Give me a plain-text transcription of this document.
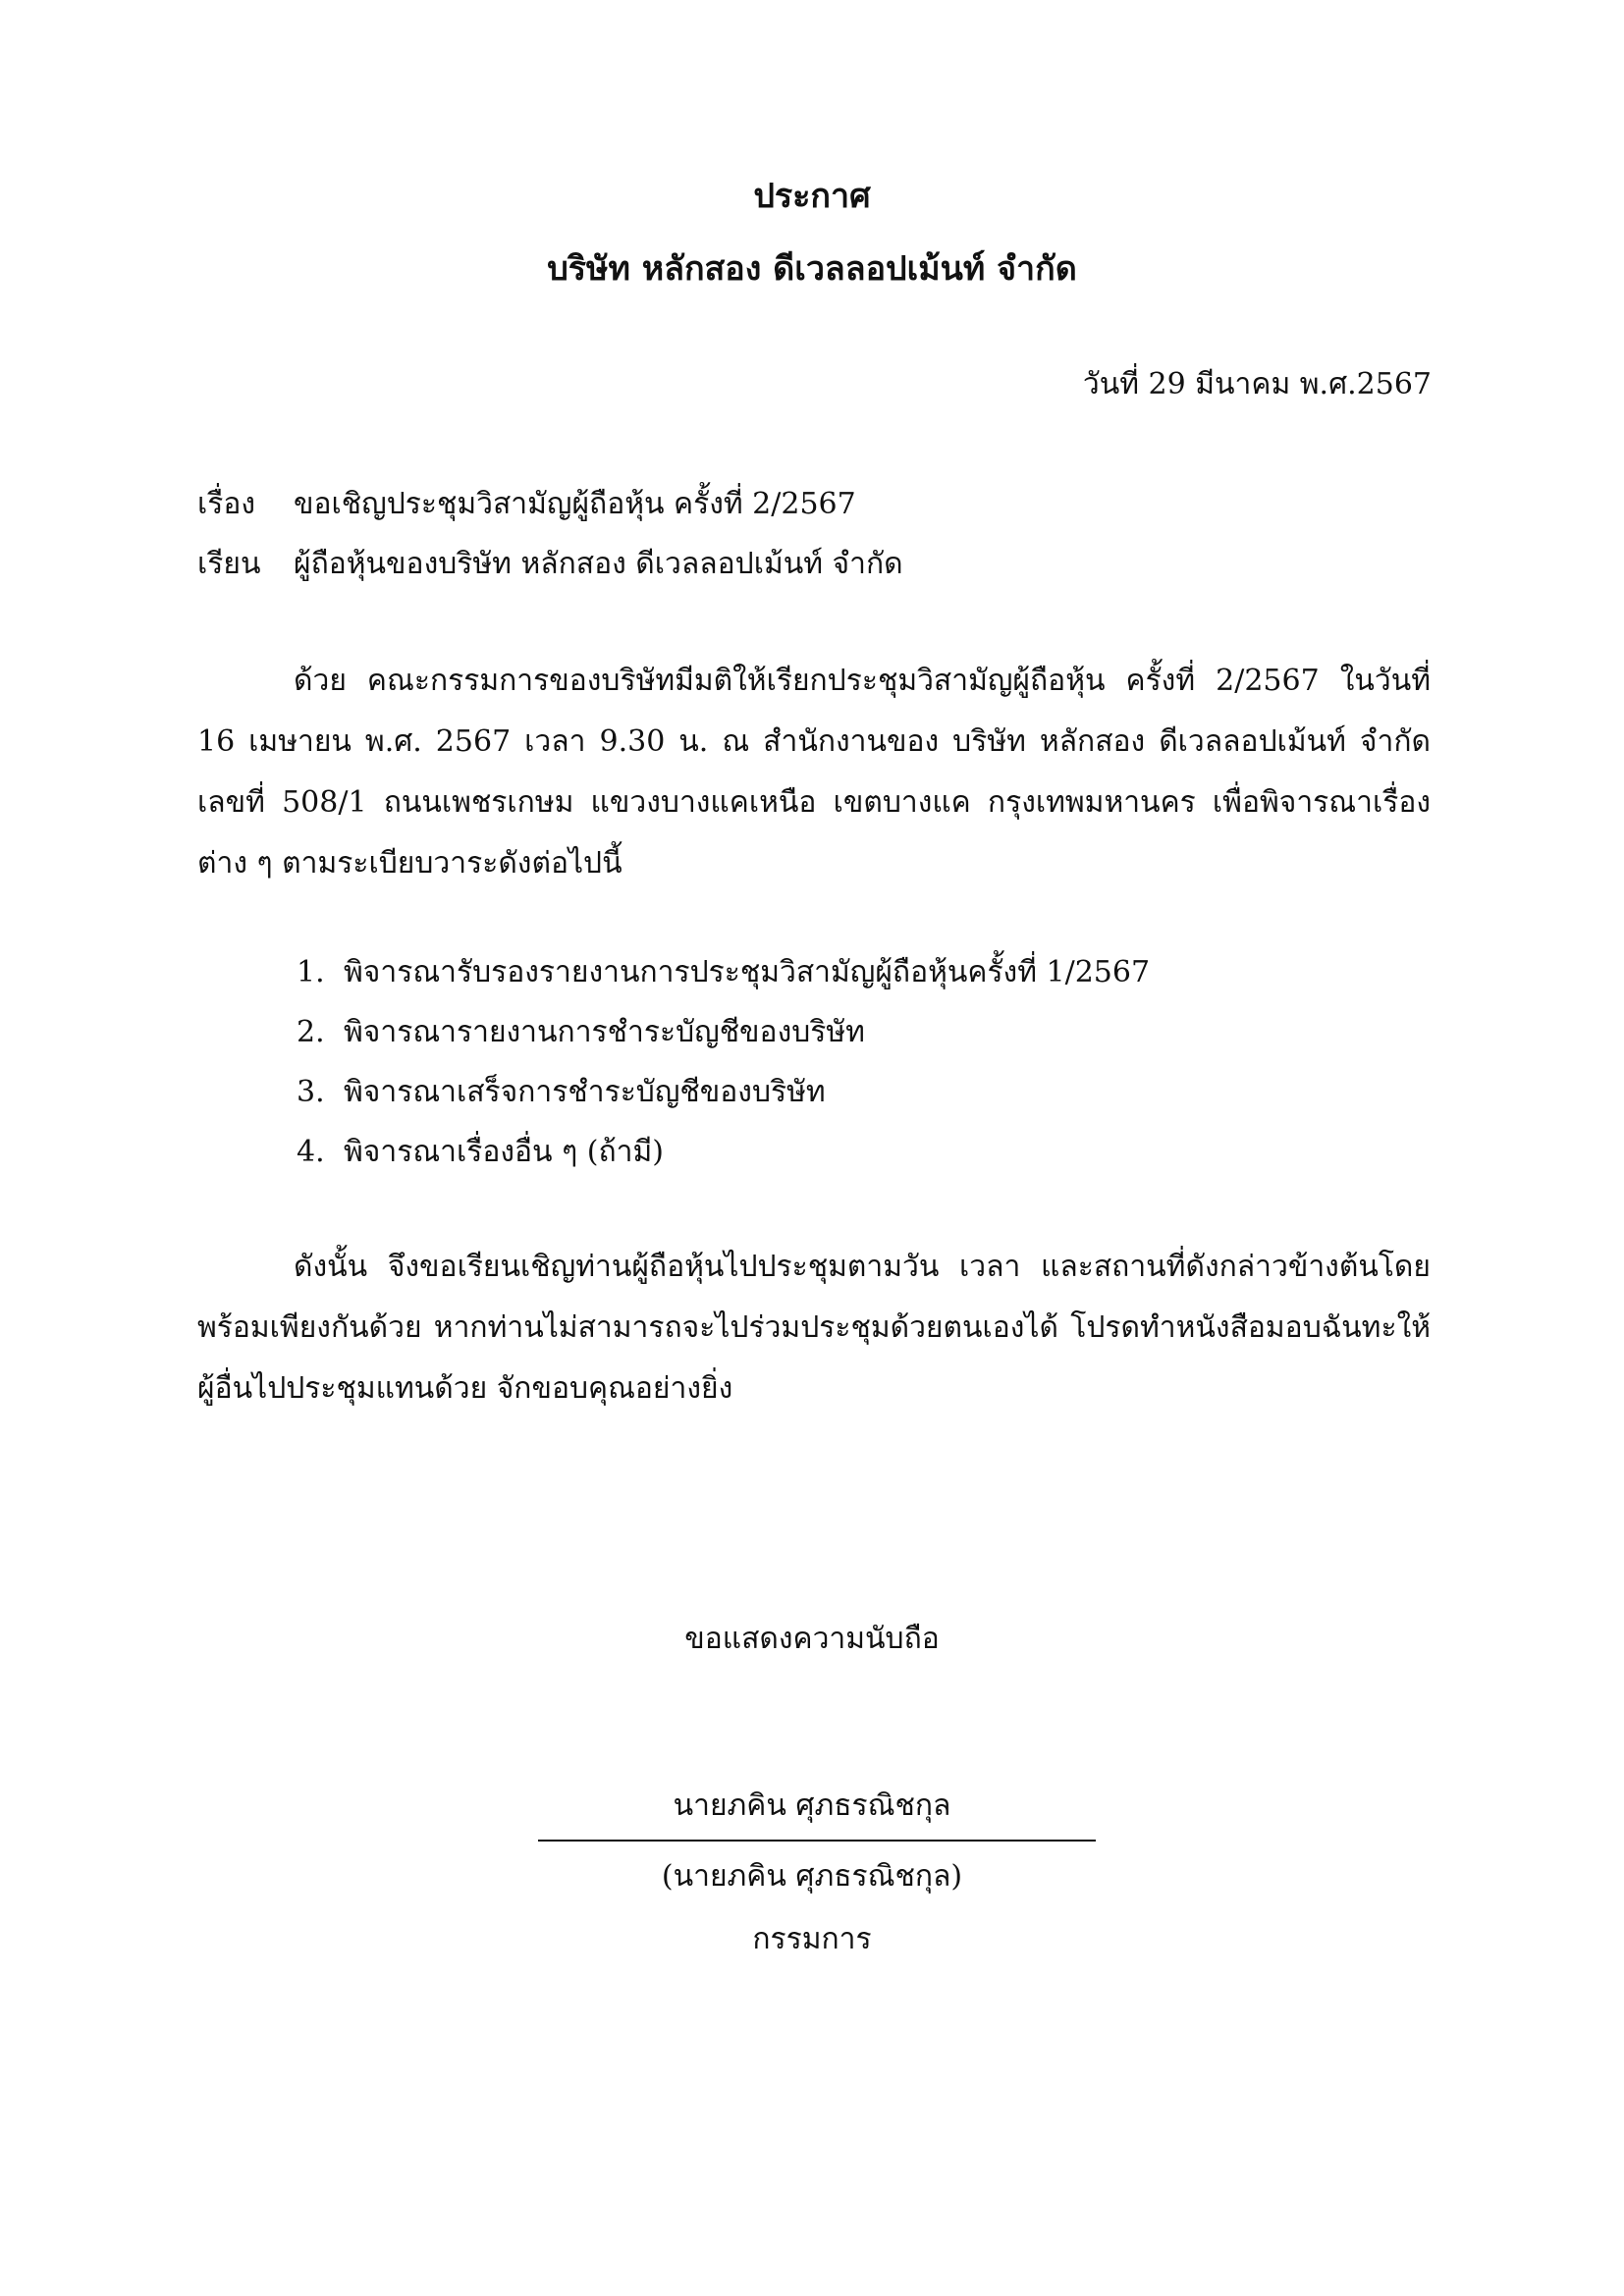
ประกาศ
บริษัท หลักสอง ดีเวลลอปเม้นท์ จำกัด
วันที่ 29 มีนาคม พ.ศ.2567
เรื่อง ขอเชิญประชุมวิสามัญผู้ถือหุ้น ครั้งที่ 2/2567
เรียน ผู้ถือหุ้นของบริษัท หลักสอง ดีเวลลอปเม้นท์ จำกัด

ด้วย คณะกรรมการของบริษัทมีมติให้เรียกประชุมวิสามัญผู้ถือหุ้น ครั้งที่ 2/2567 ในวันที่ 16 เมษายน พ.ศ. 2567 เวลา 9.30 น. ณ สำนักงานของ บริษัท หลักสอง ดีเวลลอปเม้นท์ จำกัด เลขที่ 508/1 ถนนเพชรเกษม แขวงบางแคเหนือ เขตบางแค กรุงเทพมหานคร เพื่อพิจารณาเรื่องต่าง ๆ ตามระเบียบวาระดังต่อไปนี้

1. พิจารณารับรองรายงานการประชุมวิสามัญผู้ถือหุ้นครั้งที่ 1/2567
2. พิจารณารายงานการชำระบัญชีของบริษัท
3. พิจารณาเสร็จการชำระบัญชีของบริษัท
4. พิจารณาเรื่องอื่น ๆ (ถ้ามี)

ดังนั้น จึงขอเรียนเชิญท่านผู้ถือหุ้นไปประชุมตามวัน เวลา และสถานที่ดังกล่าวข้างต้นโดยพร้อมเพียงกันด้วย หากท่านไม่สามารถจะไปร่วมประชุมด้วยตนเองได้ โปรดทำหนังสือมอบฉันทะให้ผู้อื่นไปประชุมแทนด้วย จักขอบคุณอย่างยิ่ง

ขอแสดงความนับถือ
นายภคิน ศุภธรณิชกุล
(นายภคิน ศุภธรณิชกุล)
กรรมการ
